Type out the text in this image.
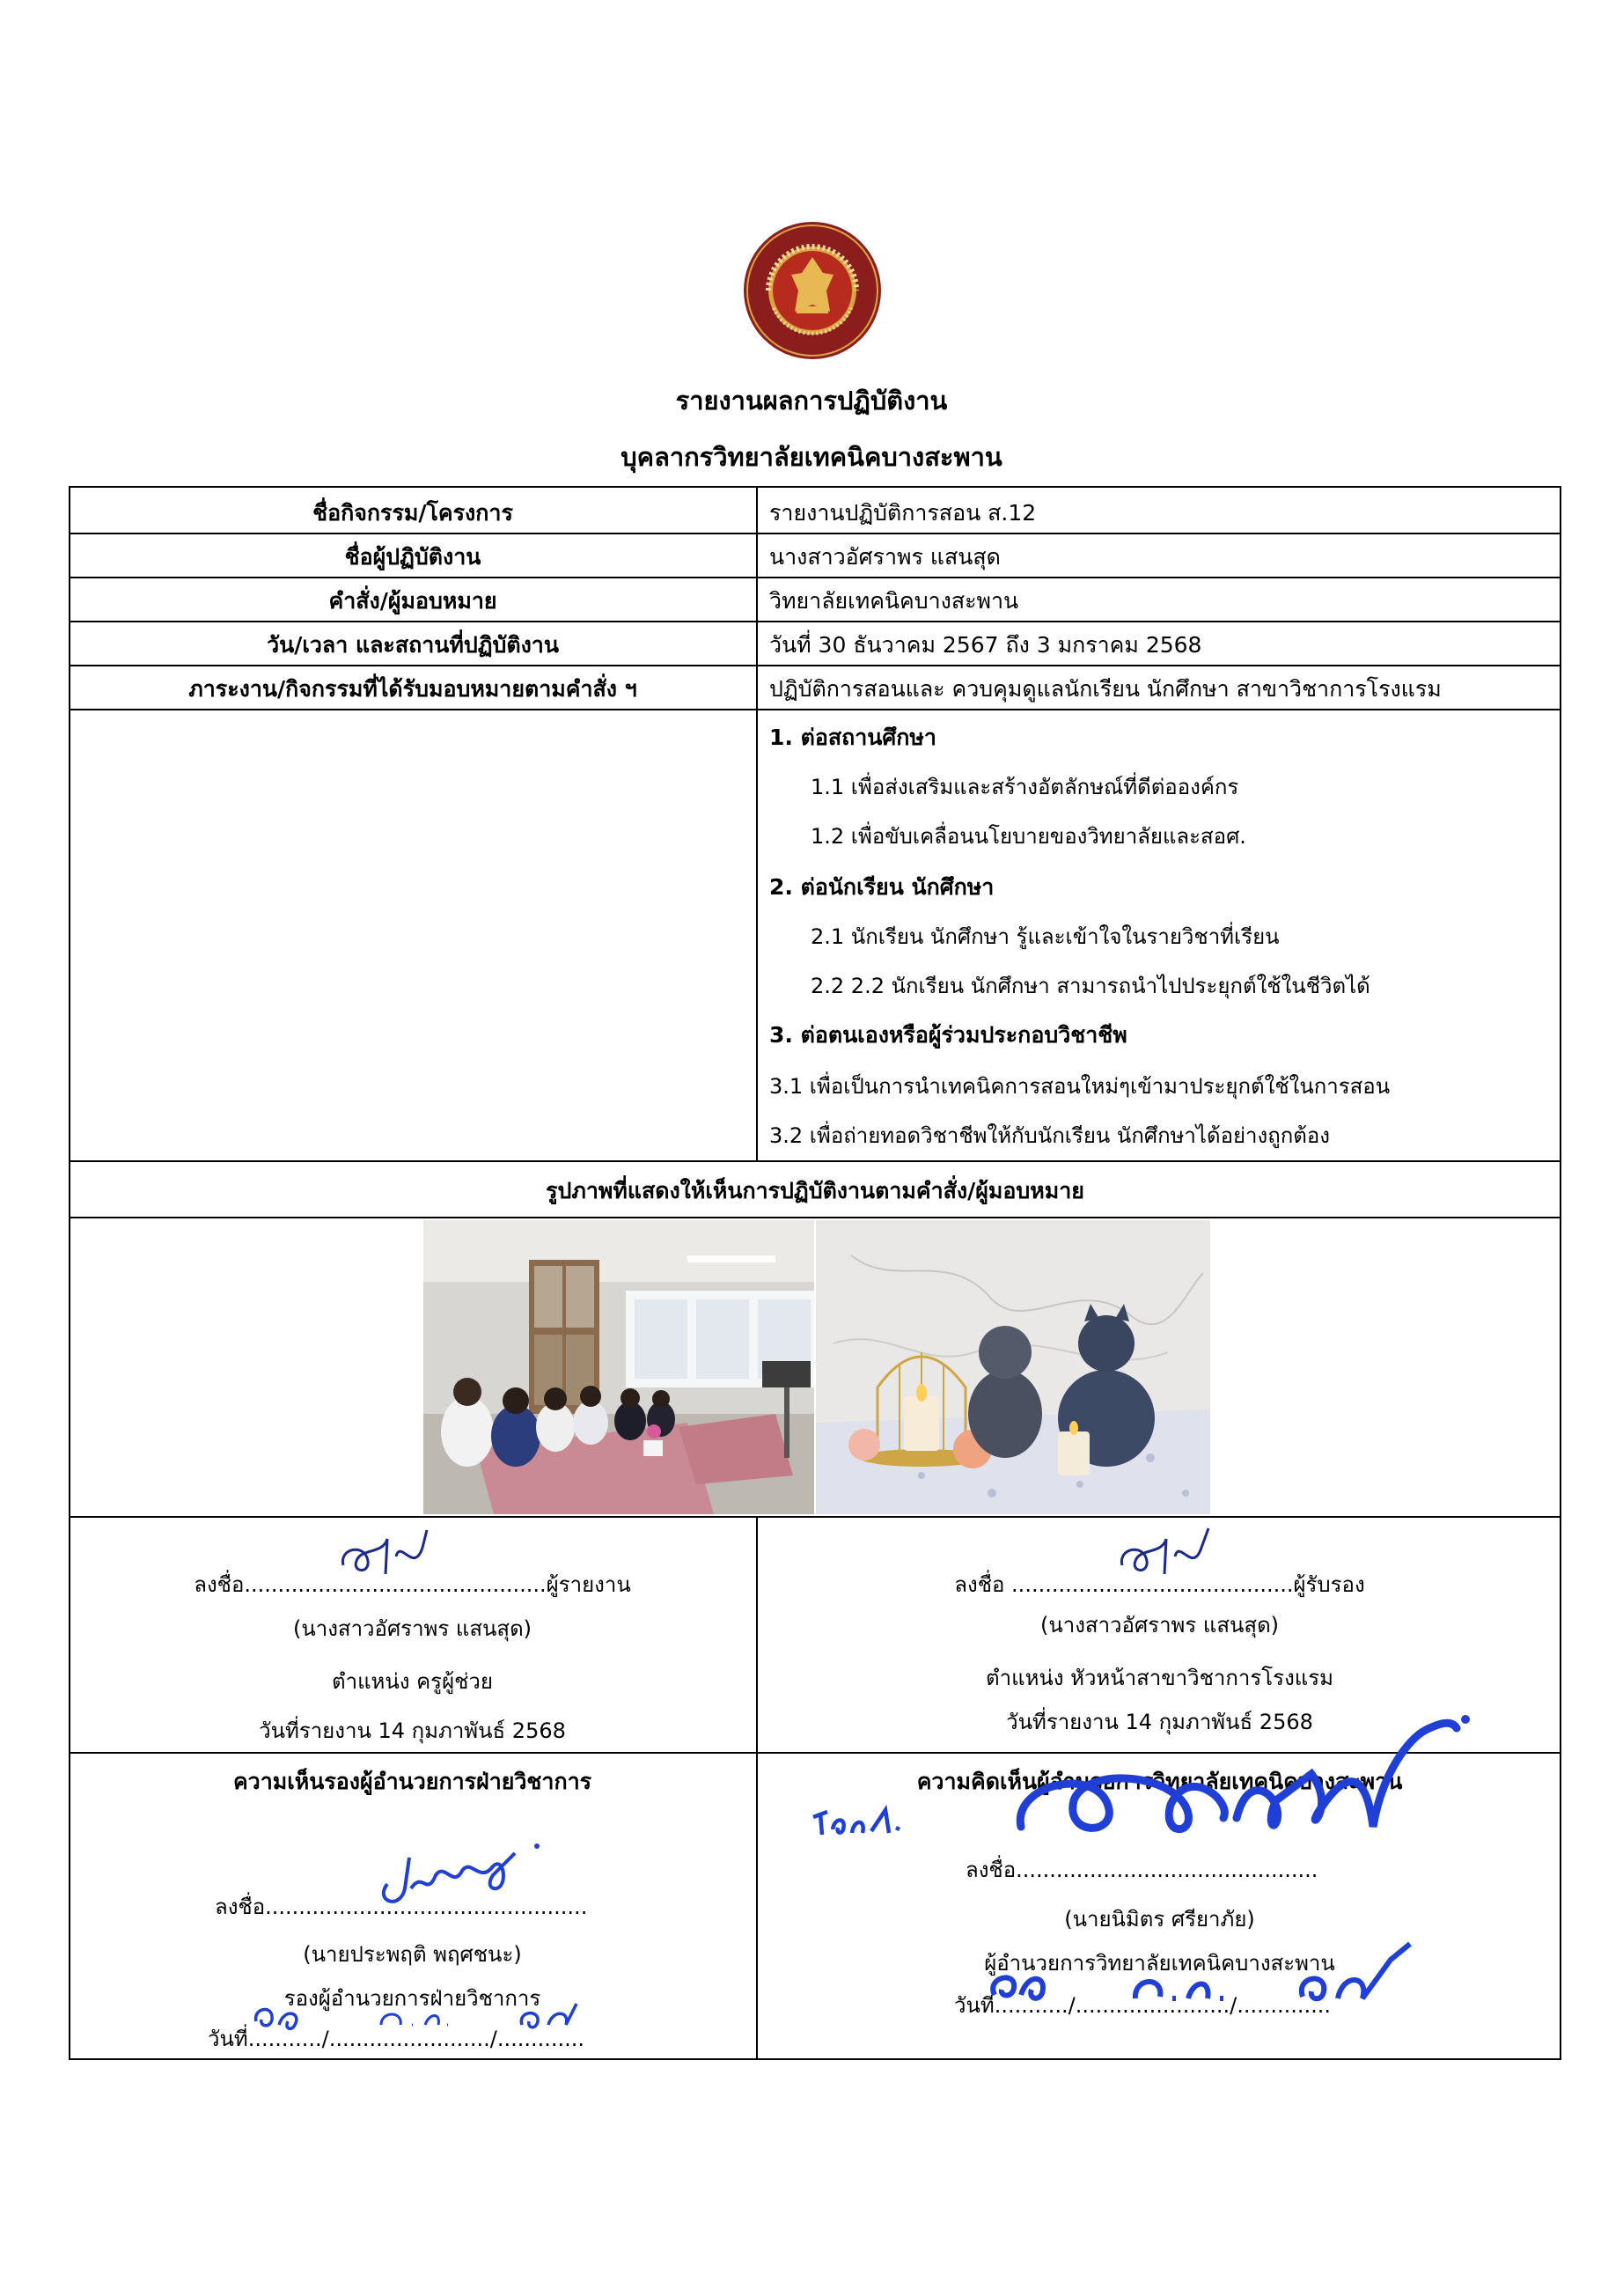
รายงานผลการปฏิบัติงาน
บุคลากรวิทยาลัยเทคนิคบางสะพาน
ชื่อกิจกรรม/โครงการ	รายงานปฏิบัติการสอน ส.12
ชื่อผู้ปฏิบัติงาน	นางสาวอัศราพร แสนสุด
คำสั่ง/ผู้มอบหมาย	วิทยาลัยเทคนิคบางสะพาน
วัน/เวลา และสถานที่ปฏิบัติงาน	วันที่ 30 ธันวาคม 2567 ถึง 3 มกราคม 2568
ภาระงาน/กิจกรรมที่ได้รับมอบหมายตามคำสั่ง ฯ	ปฏิบัติการสอนและ ควบคุมดูแลนักเรียน นักศึกษา สาขาวิชาการโรงแรม
1. ต่อสถานศึกษา
1.1 เพื่อส่งเสริมและสร้างอัตลักษณ์ที่ดีต่อองค์กร
1.2 เพื่อขับเคลื่อนนโยบายของวิทยาลัยและสอศ.
2. ต่อนักเรียน นักศึกษา
2.1 นักเรียน นักศึกษา รู้และเข้าใจในรายวิชาที่เรียน
2.2 2.2 นักเรียน นักศึกษา สามารถนำไปประยุกต์ใช้ในชีวิตได้
3. ต่อตนเองหรือผู้ร่วมประกอบวิชาชีพ
3.1 เพื่อเป็นการนำเทคนิคการสอนใหม่ๆเข้ามาประยุกต์ใช้ในการสอน
3.2 เพื่อถ่ายทอดวิชาชีพให้กับนักเรียน นักศึกษาได้อย่างถูกต้อง
รูปภาพที่แสดงให้เห็นการปฏิบัติงานตามคำสั่ง/ผู้มอบหมาย
ลงชื่อ.............................................ผู้รายงาน
(นางสาวอัศราพร แสนสุด)
ตำแหน่ง ครูผู้ช่วย
วันที่รายงาน 14 กุมภาพันธ์ 2568
ลงชื่อ ..........................................ผู้รับรอง
(นางสาวอัศราพร แสนสุด)
ตำแหน่ง หัวหน้าสาขาวิชาการโรงแรม
วันที่รายงาน 14 กุมภาพันธ์ 2568
ความเห็นรองผู้อำนวยการฝ่ายวิชาการ
ลงชื่อ................................................
(นายประพฤติ พฤศชนะ)
รองผู้อำนวยการฝ่ายวิชาการ
วันที่.........../......................../.............
ความคิดเห็นผู้อำนวยการวิทยาลัยเทคนิคบางสะพาน
ลงชื่อ.............................................
(นายนิมิตร ศรียาภัย)
ผู้อำนวยการวิทยาลัยเทคนิคบางสะพาน
วันที่.........../......................./..............
